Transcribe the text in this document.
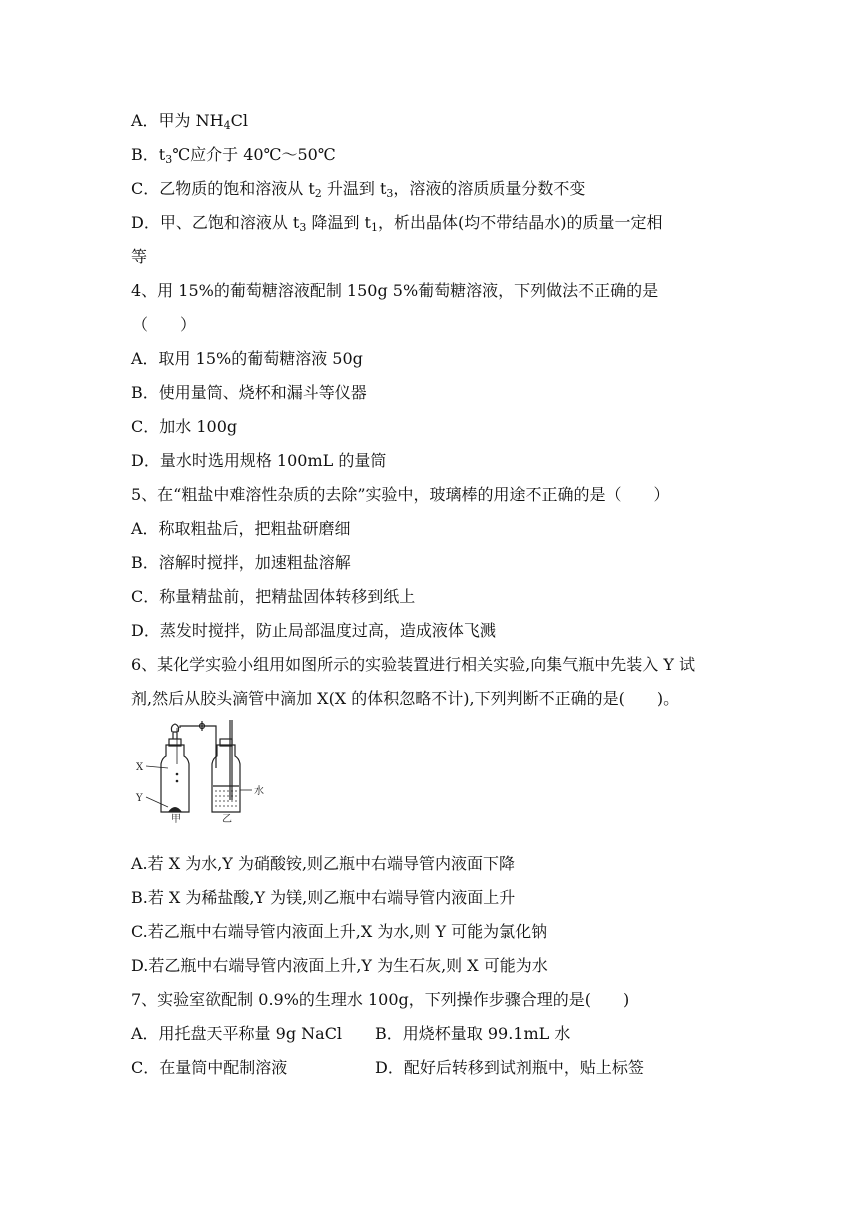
A．甲为 NH4Cl
B．t3℃应介于 40℃～50℃
C．乙物质的饱和溶液从 t2 升温到 t3，溶液的溶质质量分数不变
D．甲、乙饱和溶液从 t3 降温到 t1，析出晶体(均不带结晶水)的质量一定相
等
4、用 15%的葡萄糖溶液配制 150g 5%葡萄糖溶液，下列做法不正确的是
（　　）
A．取用 15%的葡萄糖溶液 50g
B．使用量筒、烧杯和漏斗等仪器
C．加水 100g
D．量水时选用规格 100mL 的量筒
5、在“粗盐中难溶性杂质的去除”实验中，玻璃棒的用途不正确的是（　　）
A．称取粗盐后，把粗盐研磨细
B．溶解时搅拌，加速粗盐溶解
C．称量精盐前，把精盐固体转移到纸上
D．蒸发时搅拌，防止局部温度过高，造成液体飞溅
6、某化学实验小组用如图所示的实验装置进行相关实验,向集气瓶中先装入 Y 试
剂,然后从胶头滴管中滴加 X(X 的体积忽略不计),下列判断不正确的是(　　)。
X
Y
水
甲	乙
A.若 X 为水,Y 为硝酸铵,则乙瓶中右端导管内液面下降
B.若 X 为稀盐酸,Y 为镁,则乙瓶中右端导管内液面上升
C.若乙瓶中右端导管内液面上升,X 为水,则 Y 可能为氯化钠
D.若乙瓶中右端导管内液面上升,Y 为生石灰,则 X 可能为水
7、实验室欲配制 0.9%的生理水 100g，下列操作步骤合理的是(　　)
A．用托盘天平称量 9g NaCl B．用烧杯量取 99.1mL 水
C．在量筒中配制溶液	D．配好后转移到试剂瓶中，贴上标签
